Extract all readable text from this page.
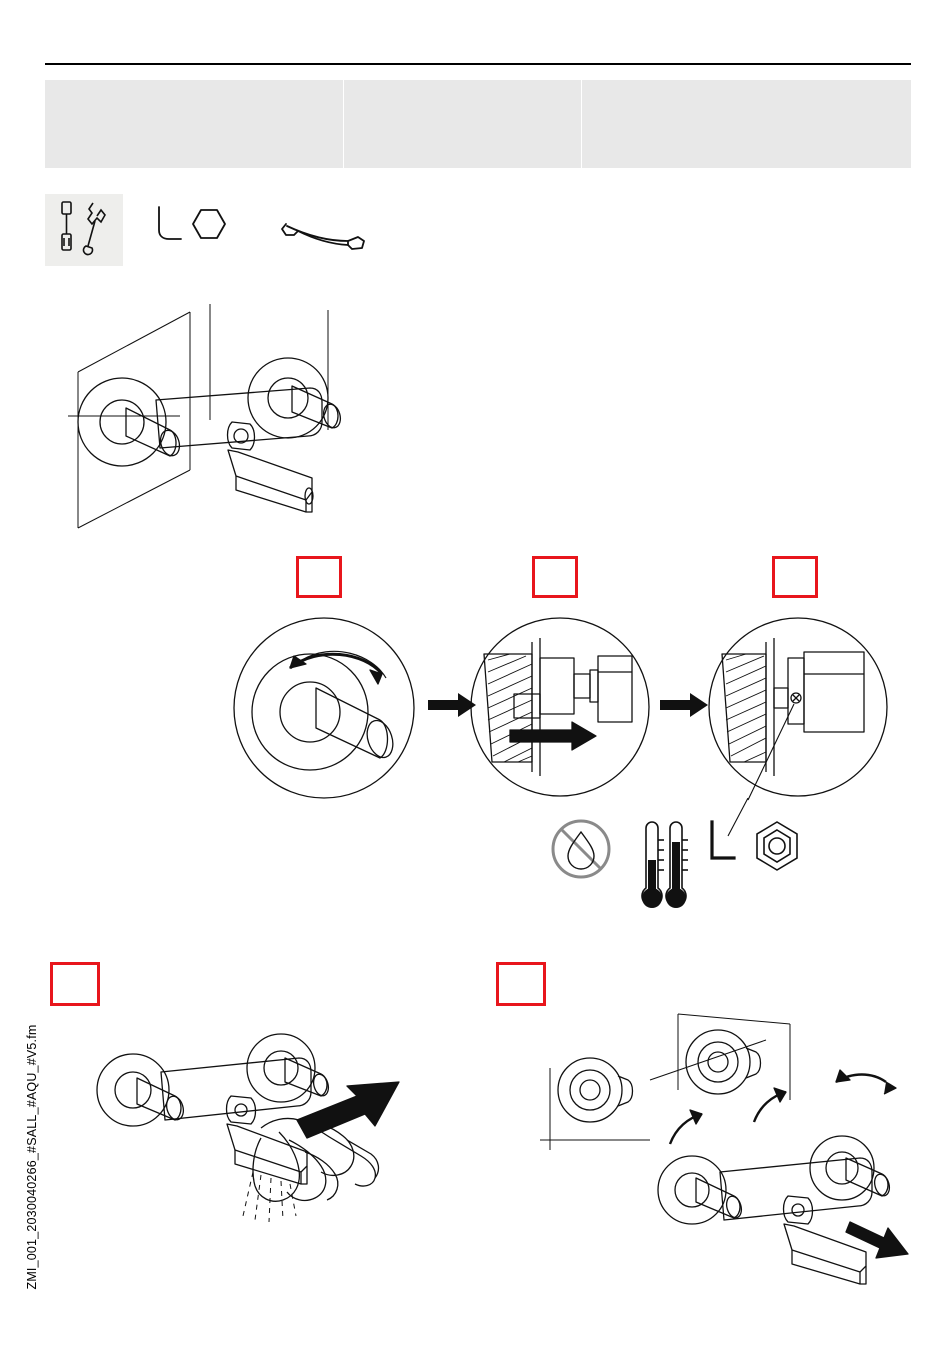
ZMI_001_2030040266_#SALL_#AQU_#V5.fm
